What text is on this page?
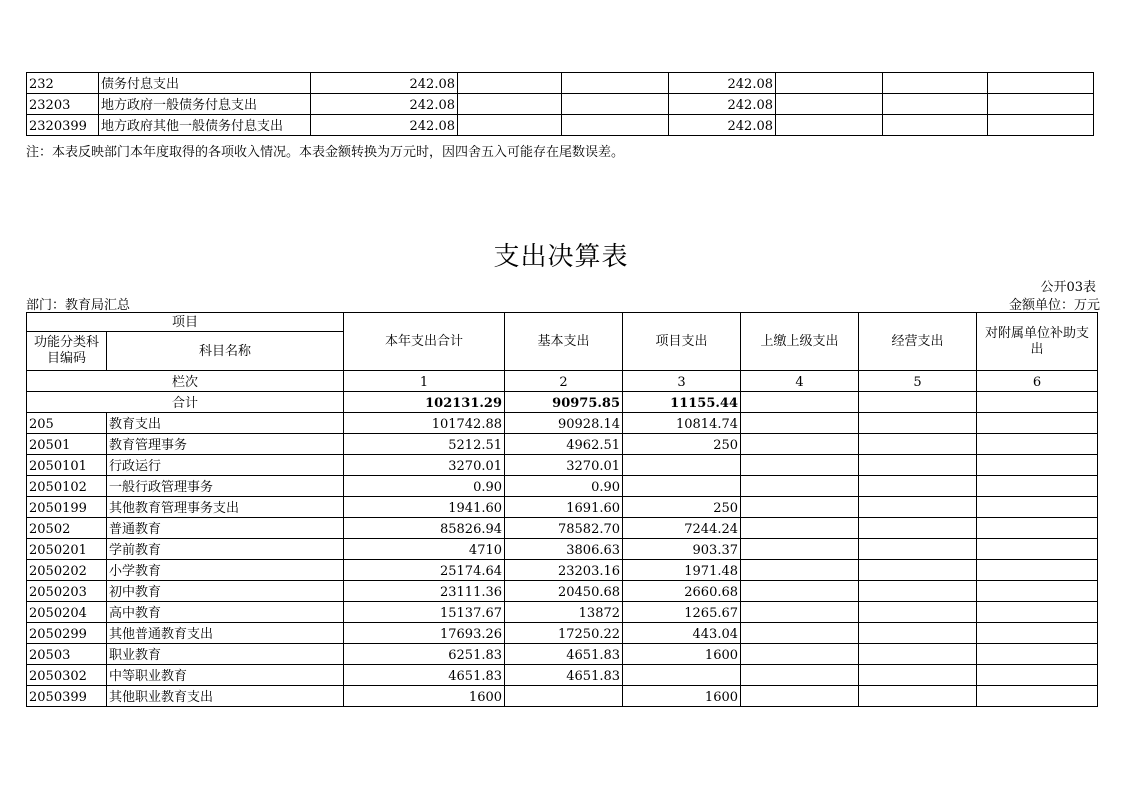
232	债务付息支出	242.08			242.08			
23203	地方政府一般债务付息支出	242.08			242.08			
2320399	地方政府其他一般债务付息支出	242.08			242.08			
注：本表反映部门本年度取得的各项收入情况。本表金额转换为万元时，因四舍五入可能存在尾数误差。
支出决算表
公开03表
部门：教育局汇总	金额单位：万元
项目		本年支出合计	基本支出	项目支出	上缴上级支出	经营支出	对附属单位补助支出
功能分类科目编码	科目名称						
栏次		1	2	3	4	5	6
合计		102131.29	90975.85	11155.44			
205	教育支出	101742.88	90928.14	10814.74			
20501	教育管理事务	5212.51	4962.51	250			
2050101	行政运行	3270.01	3270.01				
2050102	一般行政管理事务	0.90	0.90				
2050199	其他教育管理事务支出	1941.60	1691.60	250			
20502	普通教育	85826.94	78582.70	7244.24			
2050201	学前教育	4710	3806.63	903.37			
2050202	小学教育	25174.64	23203.16	1971.48			
2050203	初中教育	23111.36	20450.68	2660.68			
2050204	高中教育	15137.67	13872	1265.67			
2050299	其他普通教育支出	17693.26	17250.22	443.04			
20503	职业教育	6251.83	4651.83	1600			
2050302	中等职业教育	4651.83	4651.83				
2050399	其他职业教育支出	1600		1600			
